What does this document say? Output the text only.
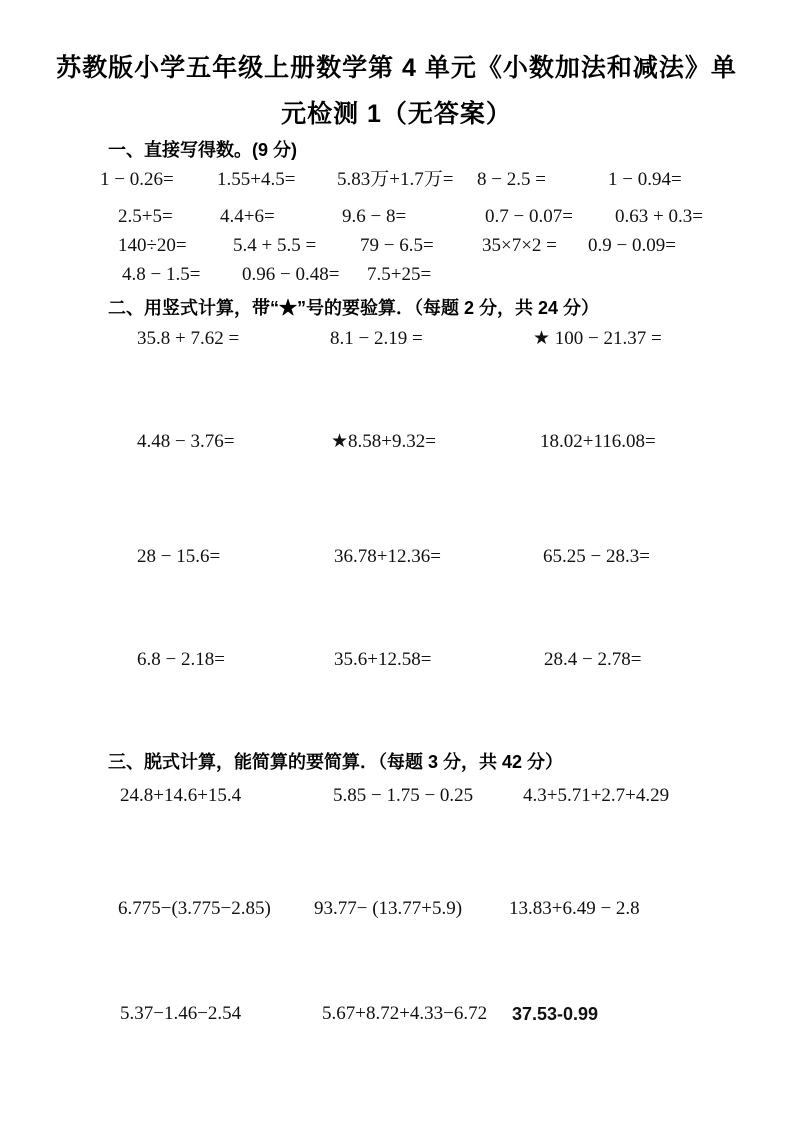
苏教版小学五年级上册数学第 4 单元《小数加法和减法》单
元检测 1（无答案）
一、直接写得数。(9 分)
1 − 0.26= 1.55+4.5= 5.83万+1.7万= 8 − 2.5 =	1 − 0.94=
2.5+5= 4.4+6=	9.6 − 8=	0.7 − 0.07= 0.63 + 0.3=
140÷20= 5.4 + 5.5 = 79 − 6.5=	35×7×2 = 0.9 − 0.09=
4.8 − 1.5= 0.96 − 0.48= 7.5+25=
二、用竖式计算，带“★”号的要验算．（每题 2 分，共 24 分）
35.8 + 7.62 =	8.1 − 2.19 =	★ 100 − 21.37 =
4.48 − 3.76=	★8.58+9.32=	18.02+116.08=
28 − 15.6=	36.78+12.36=	65.25 − 28.3=
6.8 − 2.18=	35.6+12.58=	28.4 − 2.78=
三、脱式计算，能简算的要简算．（每题 3 分，共 42 分）
24.8+14.6+15.4	5.85 − 1.75 − 0.25	4.3+5.71+2.7+4.29
6.775−(3.775−2.85) 93.77− (13.77+5.9) 13.83+6.49 − 2.8
5.37−1.46−2.54	5.67+8.72+4.33−6.72 37.53-0.99
